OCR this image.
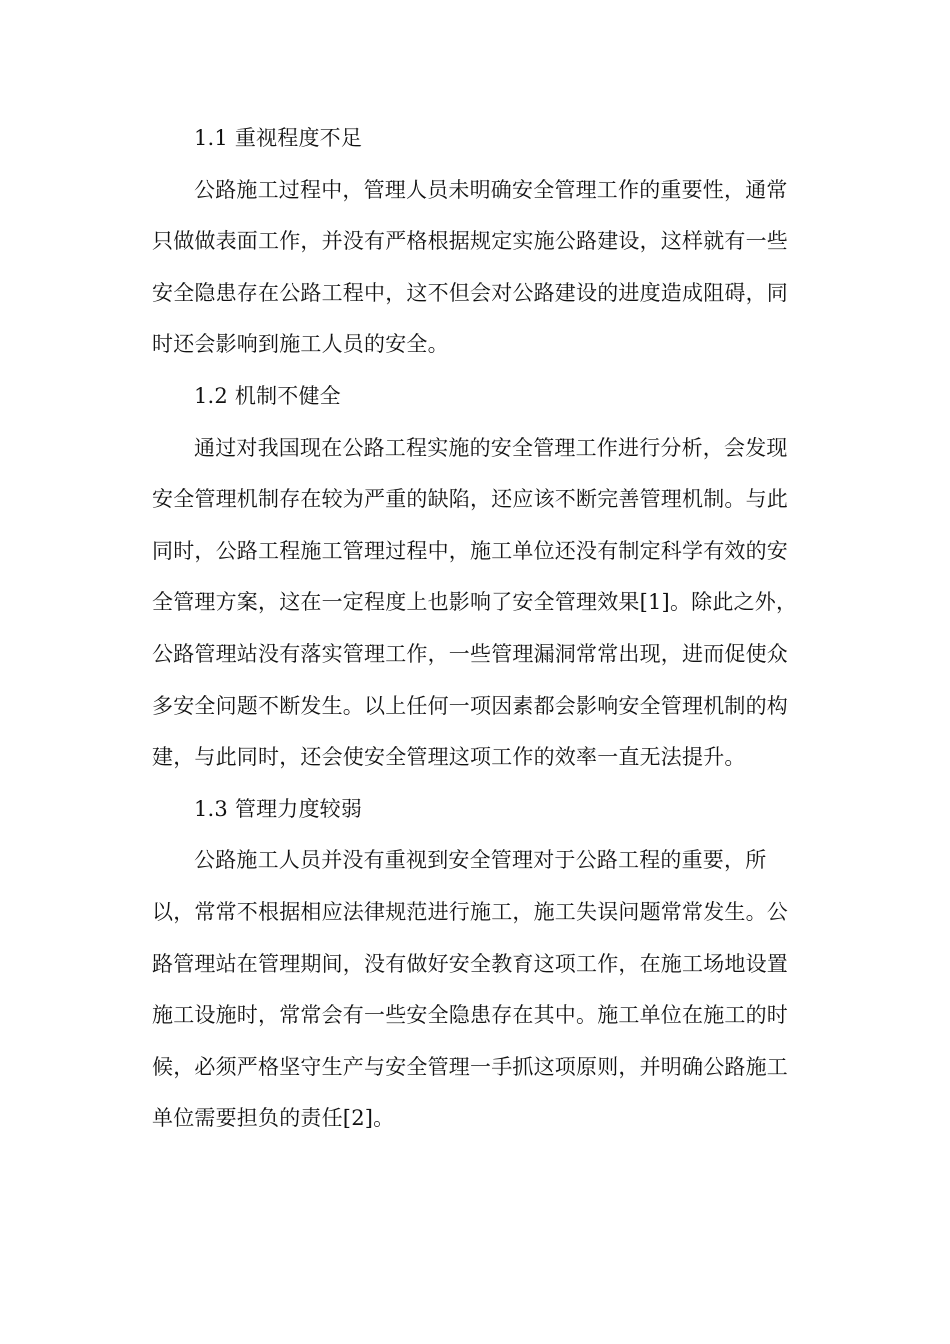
1.1 重视程度不足

公路施工过程中，管理人员未明确安全管理工作的重要性，通常只做做表面工作，并没有严格根据规定实施公路建设，这样就有一些安全隐患存在公路工程中，这不但会对公路建设的进度造成阻碍，同时还会影响到施工人员的安全。

1.2 机制不健全

通过对我国现在公路工程实施的安全管理工作进行分析，会发现安全管理机制存在较为严重的缺陷，还应该不断完善管理机制。与此同时，公路工程施工管理过程中，施工单位还没有制定科学有效的安全管理方案，这在一定程度上也影响了安全管理效果[1]。除此之外，公路管理站没有落实管理工作，一些管理漏洞常常出现，进而促使众多安全问题不断发生。以上任何一项因素都会影响安全管理机制的构建，与此同时，还会使安全管理这项工作的效率一直无法提升。

1.3 管理力度较弱

公路施工人员并没有重视到安全管理对于公路工程的重要，所以，常常不根据相应法律规范进行施工，施工失误问题常常发生。公路管理站在管理期间，没有做好安全教育这项工作，在施工场地设置施工设施时，常常会有一些安全隐患存在其中。施工单位在施工的时候，必须严格坚守生产与安全管理一手抓这项原则，并明确公路施工单位需要担负的责任[2]。
